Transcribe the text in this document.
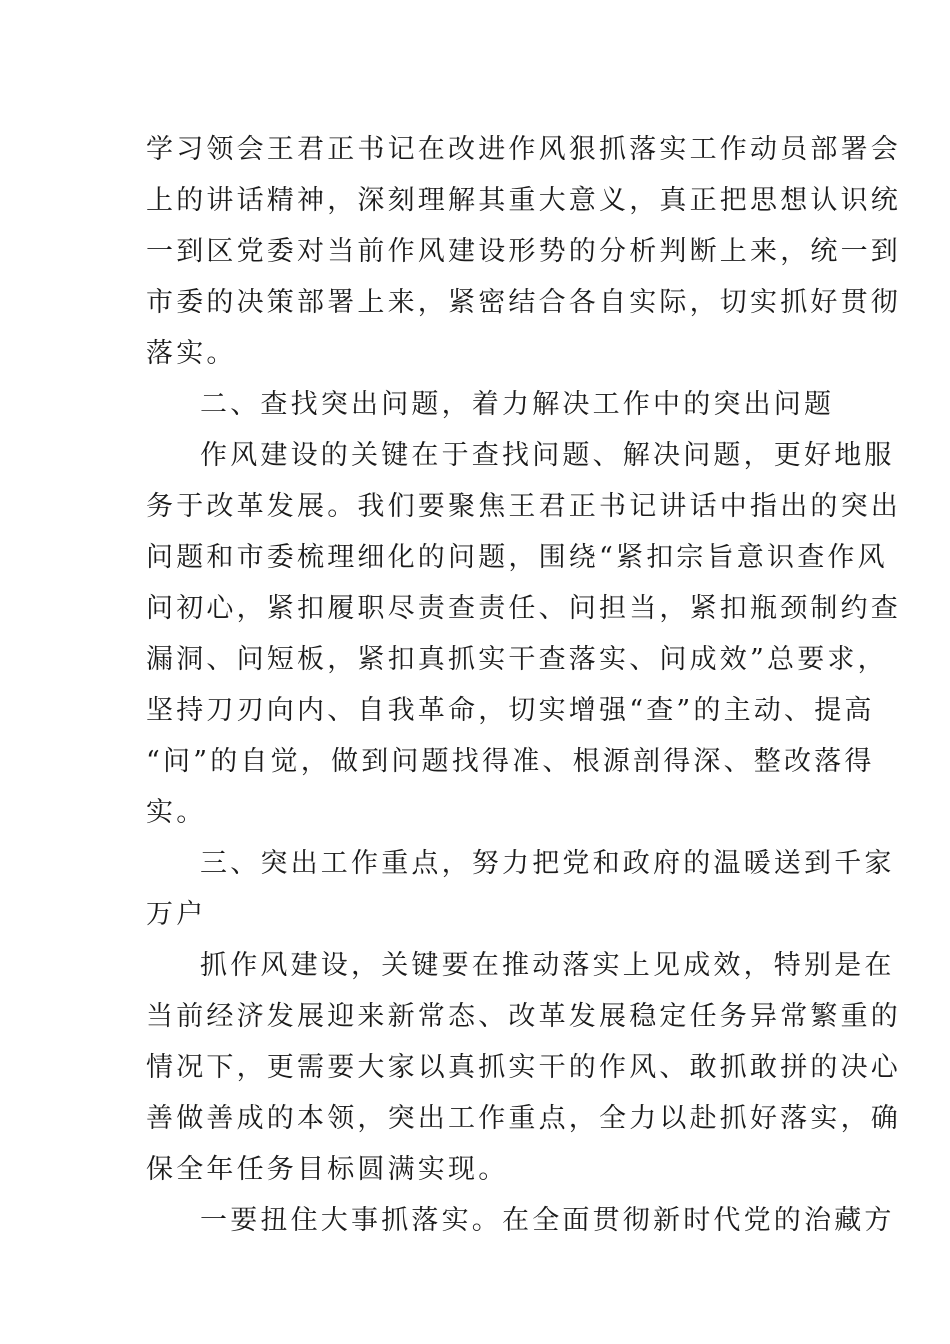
学习领会王君正书记在改进作风狠抓落实工作动员部署会
上的讲话精神，深刻理解其重大意义，真正把思想认识统
一到区党委对当前作风建设形势的分析判断上来，统一到
市委的决策部署上来，紧密结合各自实际，切实抓好贯彻
落实。
二、查找突出问题，着力解决工作中的突出问题
作风建设的关键在于查找问题、解决问题，更好地服
务于改革发展。我们要聚焦王君正书记讲话中指出的突出
问题和市委梳理细化的问题，围绕“紧扣宗旨意识查作风
问初心，紧扣履职尽责查责任、问担当，紧扣瓶颈制约查
漏洞、问短板，紧扣真抓实干查落实、问成效”总要求，
坚持刀刃向内、自我革命，切实增强“查”的主动、提高
“问”的自觉，做到问题找得准、根源剖得深、整改落得
实。
三、突出工作重点，努力把党和政府的温暖送到千家
万户
抓作风建设，关键要在推动落实上见成效，特别是在
当前经济发展迎来新常态、改革发展稳定任务异常繁重的
情况下，更需要大家以真抓实干的作风、敢抓敢拼的决心
善做善成的本领，突出工作重点，全力以赴抓好落实，确
保全年任务目标圆满实现。
一要扭住大事抓落实。在全面贯彻新时代党的治藏方
